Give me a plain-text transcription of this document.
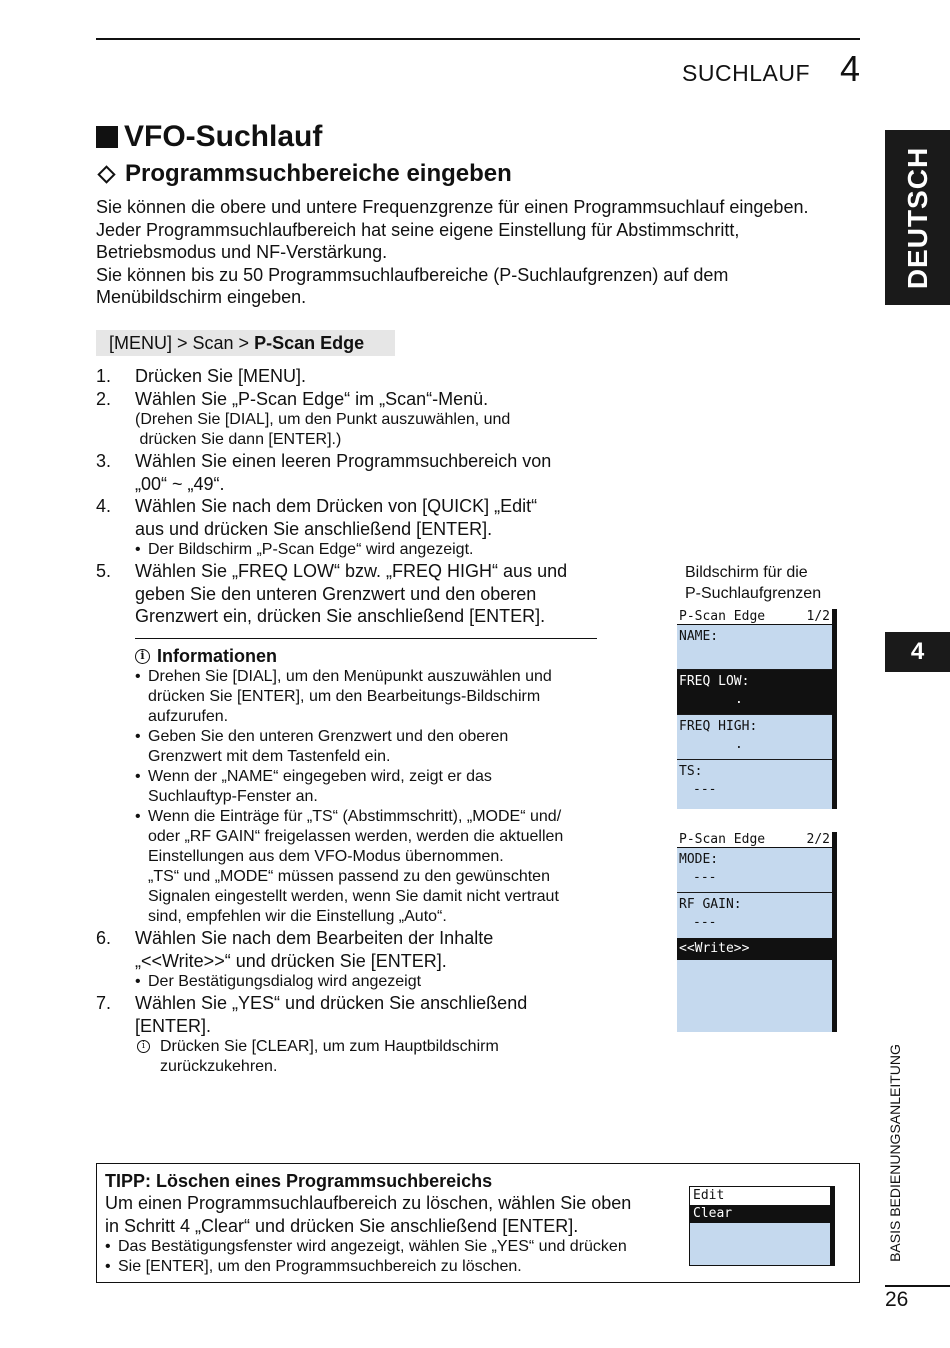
SUCHLAUF 4
DEUTSCH
4
BASIS BEDIENUNGSANLEITUNG
26
VFO-Suchlauf
Programmsuchbereiche eingeben

Sie können die obere und untere Frequenzgrenze für einen Programmsuchlauf eingeben.

Jeder Programmsuchlaufbereich hat seine eigene Einstellung für Abstimmschritt,

Betriebsmodus und NF-Verstärkung.

Sie können bis zu 50 Programmsuchlaufbereiche (P-Suchlaufgrenzen) auf dem

Menübildschirm eingeben.

[MENU] > Scan > P-Scan Edge
1. Drücken Sie [MENU].
2. Wählen Sie „P-Scan Edge“ im „Scan“-Menü.
(Drehen Sie [DIAL], um den Punkt auszuwählen, und
drücken Sie dann [ENTER].)
3. Wählen Sie einen leeren Programmsuchbereich von
„00“ ~ „49“.
4. Wählen Sie nach dem Drücken von [QUICK] „Edit“
aus und drücken Sie anschließend [ENTER].
• Der Bildschirm „P-Scan Edge“ wird angezeigt.
5. Wählen Sie „FREQ LOW“ bzw. „FREQ HIGH“ aus und
geben Sie den unteren Grenzwert und den oberen
Grenzwert ein, drücken Sie anschließend [ENTER].
i Informationen
• Drehen Sie [DIAL], um den Menüpunkt auszuwählen und
drücken Sie [ENTER], um den Bearbeitungs-Bildschirm
aufzurufen.
• Geben Sie den unteren Grenzwert und den oberen
Grenzwert mit dem Tastenfeld ein.
• Wenn der „NAME“ eingegeben wird, zeigt er das
Suchlauftyp-Fenster an.
• Wenn die Einträge für „TS“ (Abstimmschritt), „MODE“ und/
oder „RF GAIN“ freigelassen werden, werden die aktuellen
Einstellungen aus dem VFO-Modus übernommen.
„TS“ und „MODE“ müssen passend zu den gewünschten
Signalen eingestellt werden, wenn Sie damit nicht vertraut
sind, empfehlen wir die Einstellung „Auto“.
6. Wählen Sie nach dem Bearbeiten der Inhalte
„<<Write>>“ und drücken Sie [ENTER].
• Der Bestätigungsdialog wird angezeigt
7. Wählen Sie „YES“ und drücken Sie anschließend
[ENTER].
i Drücken Sie [CLEAR], um zum Hauptbildschirm
zurückzukehren.
Bildschirm für die
P-Suchlaufgrenzen
P-Scan Edge	1/2
NAME:
FREQ LOW:
.
FREQ HIGH:
.
TS:
---
P-Scan Edge	2/2
MODE:
---
RF GAIN:
---
<<Write>>
TIPP: Löschen eines Programmsuchbereichs
Um einen Programmsuchlaufbereich zu löschen, wählen Sie oben
in Schritt 4 „Clear“ und drücken Sie anschließend [ENTER].
• Das Bestätigungsfenster wird angezeigt, wählen Sie „YES“ und drücken
• Sie [ENTER], um den Programmsuchbereich zu löschen.
Edit
Clear
